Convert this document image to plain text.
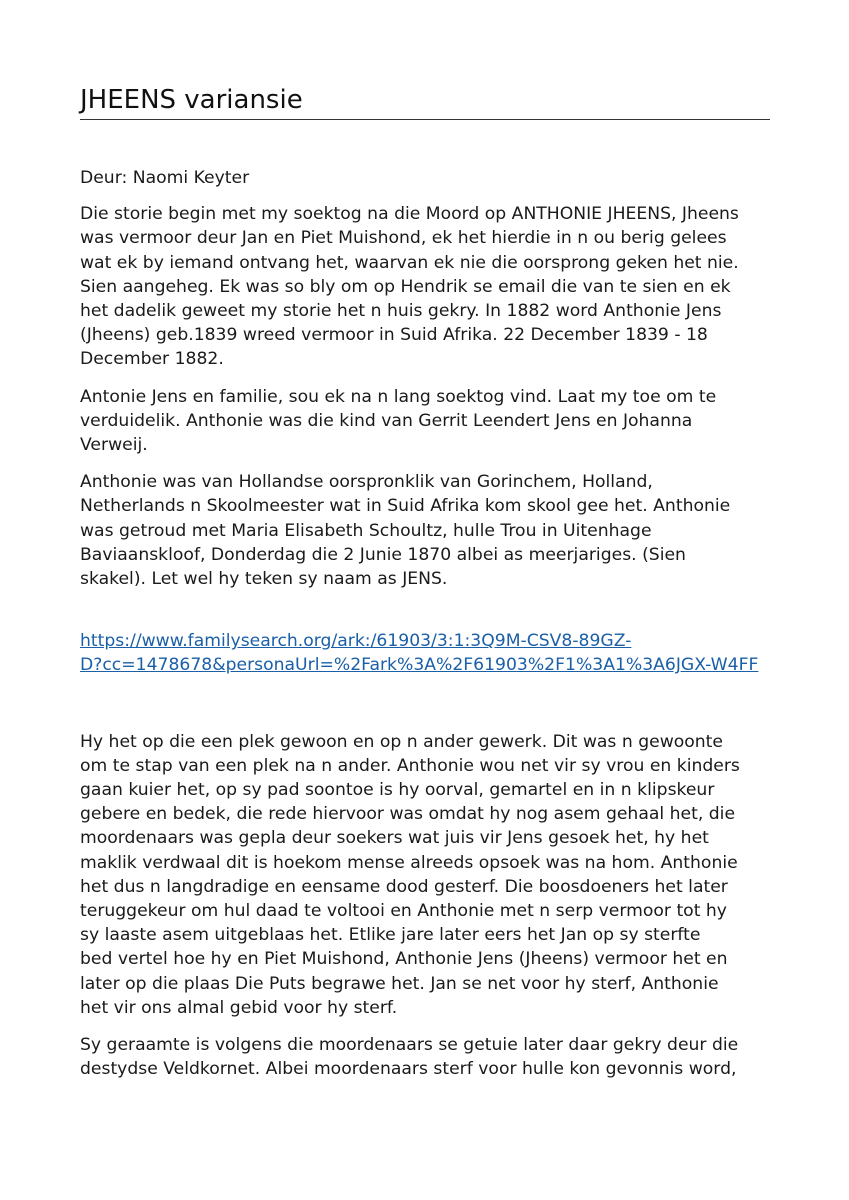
JHEENS variansie

Deur: Naomi Keyter

Die storie begin met my soektog na die Moord op ANTHONIE JHEENS, Jheens
was vermoor deur Jan en Piet Muishond, ek het hierdie in n ou berig gelees
wat ek by iemand ontvang het, waarvan ek nie die oorsprong geken het nie.
Sien aangeheg. Ek was so bly om op Hendrik se email die van te sien en ek
het dadelik geweet my storie het n huis gekry. In 1882 word Anthonie Jens
(Jheens) geb.1839 wreed vermoor in Suid Afrika. 22 December 1839 - 18
December 1882.

Antonie Jens en familie, sou ek na n lang soektog vind. Laat my toe om te
verduidelik. Anthonie was die kind van Gerrit Leendert Jens en Johanna
Verweij.

Anthonie was van Hollandse oorspronklik van Gorinchem, Holland,
Netherlands n Skoolmeester wat in Suid Afrika kom skool gee het. Anthonie
was getroud met Maria Elisabeth Schoultz, hulle Trou in Uitenhage
Baviaanskloof, Donderdag die 2 Junie 1870 albei as meerjariges. (Sien
skakel). Let wel hy teken sy naam as JENS.

https://www.familysearch.org/ark:/61903/3:1:3Q9M-CSV8-89GZ-
D?cc=1478678&personaUrl=%2Fark%3A%2F61903%2F1%3A1%3A6JGX-W4FF

Hy het op die een plek gewoon en op n ander gewerk. Dit was n gewoonte
om te stap van een plek na n ander. Anthonie wou net vir sy vrou en kinders
gaan kuier het, op sy pad soontoe is hy oorval, gemartel en in n klipskeur
gebere en bedek, die rede hiervoor was omdat hy nog asem gehaal het, die
moordenaars was gepla deur soekers wat juis vir Jens gesoek het, hy het
maklik verdwaal dit is hoekom mense alreeds opsoek was na hom. Anthonie
het dus n langdradige en eensame dood gesterf. Die boosdoeners het later
teruggekeur om hul daad te voltooi en Anthonie met n serp vermoor tot hy
sy laaste asem uitgeblaas het. Etlike jare later eers het Jan op sy sterfte
bed vertel hoe hy en Piet Muishond, Anthonie Jens (Jheens) vermoor het en
later op die plaas Die Puts begrawe het. Jan se net voor hy sterf, Anthonie
het vir ons almal gebid voor hy sterf.

Sy geraamte is volgens die moordenaars se getuie later daar gekry deur die
destydse Veldkornet. Albei moordenaars sterf voor hulle kon gevonnis word,
